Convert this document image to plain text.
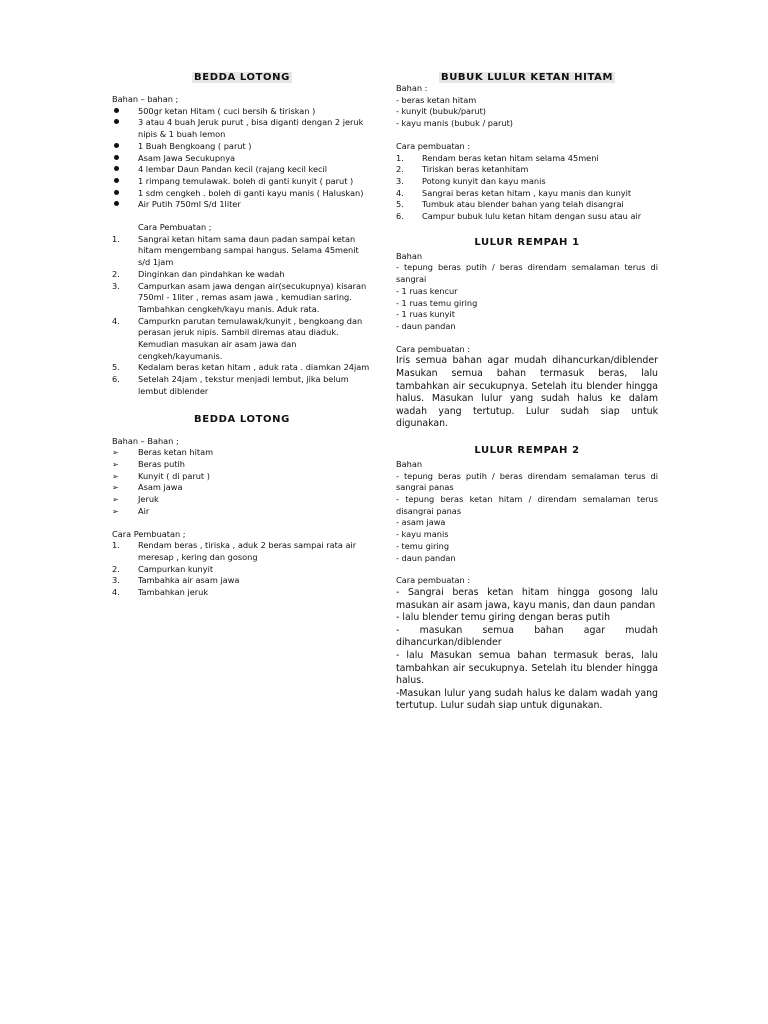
BEDDA LOTONG
Bahan – bahan ;
500gr ketan Hitam ( cuci bersih & tiriskan )
3 atau 4 buah Jeruk purut , bisa diganti dengan 2 jeruk nipis & 1 buah lemon
1 Buah Bengkoang ( parut )
Asam Jawa Secukupnya
4 lembar Daun Pandan kecil (rajang kecil kecil
1 rimpang temulawak. boleh di ganti kunyit ( parut )
1 sdm cengkeh . boleh di ganti kayu manis ( Haluskan)
Air Putih 750ml S/d 1liter
Cara Pembuatan ;
1.	Sangrai ketan hitam sama daun padan sampai ketan hitam mengembang sampai hangus. Selama 45menit s/d 1jam
2.	Dinginkan dan pindahkan ke wadah
3.	Campurkan asam jawa dengan air(secukupnya) kisaran 750ml - 1liter , remas asam jawa , kemudian saring. Tambahkan cengkeh/kayu manis. Aduk rata.
4.	Campurkn parutan temulawak/kunyit , bengkoang dan perasan jeruk nipis. Sambil diremas atau diaduk. Kemudian masukan air asam jawa dan cengkeh/kayumanis.
5.	Kedalam beras ketan hitam , aduk rata . diamkan 24jam
6.	Setelah 24jam , tekstur menjadi lembut, jika belum lembut diblender
BEDDA LOTONG
Bahan – Bahan ;
➢	Beras ketan hitam
➢	Beras putih
➢	Kunyit ( di parut )
➢	Asam jawa
➢	Jeruk
➢	Air
Cara Pembuatan ;
1.	Rendam beras , tiriska , aduk 2 beras sampai rata air meresap , kering dan gosong
2.	Campurkan kunyit
3.	Tambahka air asam jawa
4.	Tambahkan jeruk
BUBUK LULUR KETAN HITAM
Bahan :
- beras ketan hitam
- kunyit (bubuk/parut)
- kayu manis (bubuk / parut)
Cara pembuatan :
1.	Rendam beras ketan hitam selama 45meni
2.	Tiriskan beras ketanhitam
3.	Potong kunyit dan kayu manis
4.	Sangrai beras ketan hitam , kayu manis dan kunyit
5.	Tumbuk atau blender bahan yang telah disangrai
6.	Campur bubuk lulu ketan hitam dengan susu atau air
LULUR REMPAH 1
Bahan
- tepung beras putih / beras direndam semalaman terus di sangrai
- 1 ruas kencur
- 1 ruas temu giring
- 1 ruas kunyit
- daun pandan
Cara pembuatan :
Iris semua bahan agar mudah dihancurkan/diblender Masukan semua bahan termasuk beras, lalu tambahkan air secukupnya. Setelah itu blender hingga halus. Masukan lulur yang sudah halus ke dalam wadah yang tertutup. Lulur sudah siap untuk digunakan.
LULUR REMPAH 2
Bahan
- tepung beras putih / beras direndam semalaman terus di sangrai panas
- tepung beras ketan hitam / direndam semalaman terus disangrai panas
- asam jawa
- kayu manis
- temu giring
- daun pandan
Cara pembuatan :
- Sangrai beras ketan hitam hingga gosong lalu masukan air asam jawa, kayu manis, dan daun pandan
- lalu blender temu giring dengan beras putih
- masukan semua bahan agar mudah dihancurkan/diblender
- lalu Masukan semua bahan termasuk beras, lalu tambahkan air secukupnya. Setelah itu blender hingga halus.
-Masukan lulur yang sudah halus ke dalam wadah yang tertutup. Lulur sudah siap untuk digunakan.
